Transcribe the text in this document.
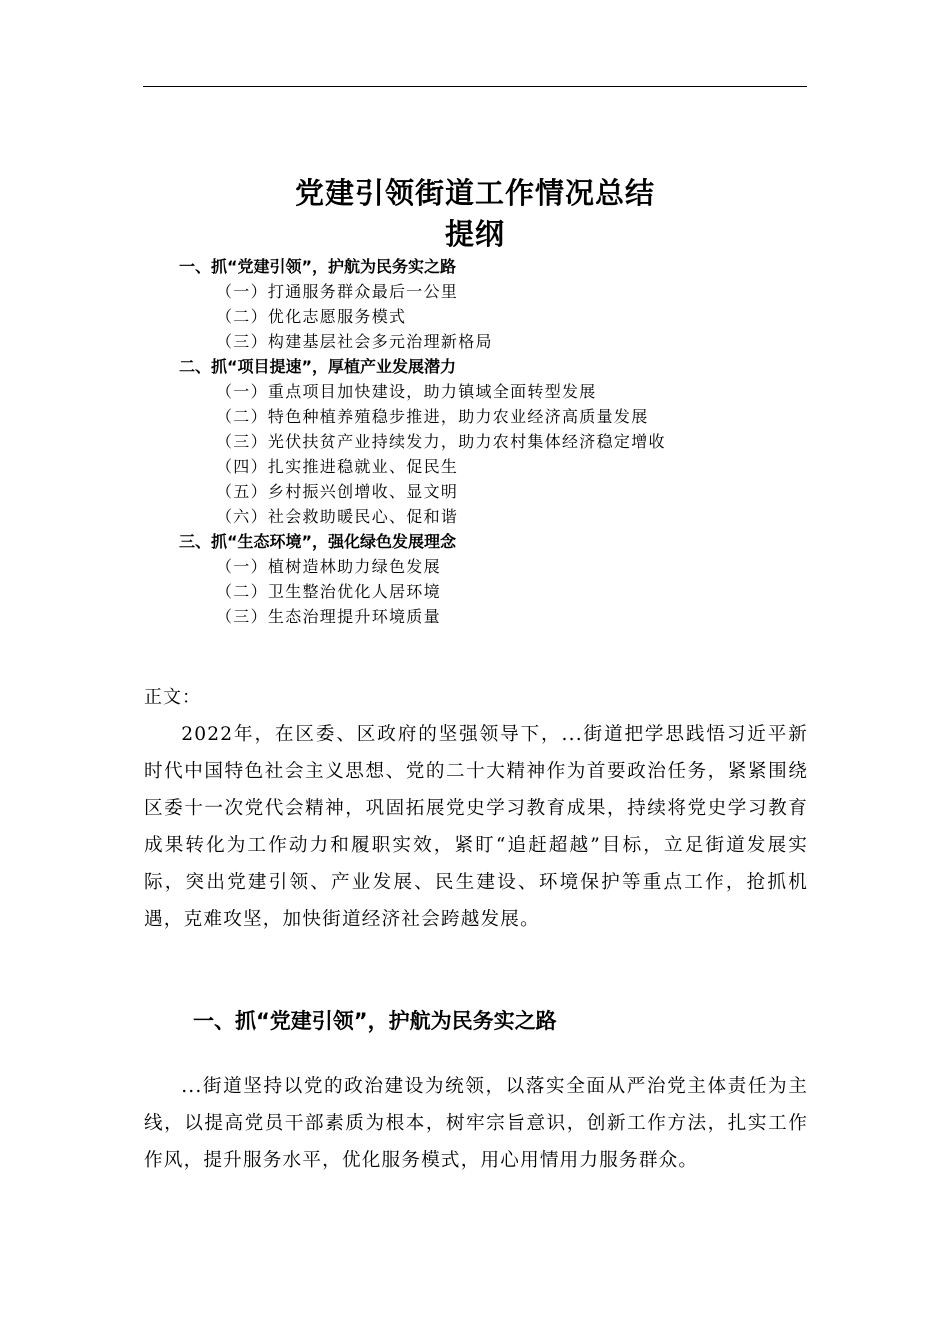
党建引领街道工作情况总结
提纲
一、抓“党建引领”，护航为民务实之路
（一）打通服务群众最后一公里
（二）优化志愿服务模式
（三）构建基层社会多元治理新格局
二、抓“项目提速”，厚植产业发展潜力
（一）重点项目加快建设，助力镇域全面转型发展
（二）特色种植养殖稳步推进，助力农业经济高质量发展
（三）光伏扶贫产业持续发力，助力农村集体经济稳定增收
（四）扎实推进稳就业、促民生
（五）乡村振兴创增收、显文明
（六）社会救助暖民心、促和谐
三、抓“生态环境”，强化绿色发展理念
（一）植树造林助力绿色发展
（二）卫生整治优化人居环境
（三）生态治理提升环境质量
正文：

2022年，在区委、区政府的坚强领导下，...街道把学思践悟习近平新时代中国特色社会主义思想、党的二十大精神作为首要政治任务，紧紧围绕区委十一次党代会精神，巩固拓展党史学习教育成果，持续将党史学习教育成果转化为工作动力和履职实效，紧盯“追赶超越”目标，立足街道发展实际，突出党建引领、产业发展、民生建设、环境保护等重点工作，抢抓机遇，克难攻坚，加快街道经济社会跨越发展。

一、抓“党建引领”，护航为民务实之路

...街道坚持以党的政治建设为统领，以落实全面从严治党主体责任为主线，以提高党员干部素质为根本，树牢宗旨意识，创新工作方法，扎实工作作风，提升服务水平，优化服务模式，用心用情用力服务群众。
